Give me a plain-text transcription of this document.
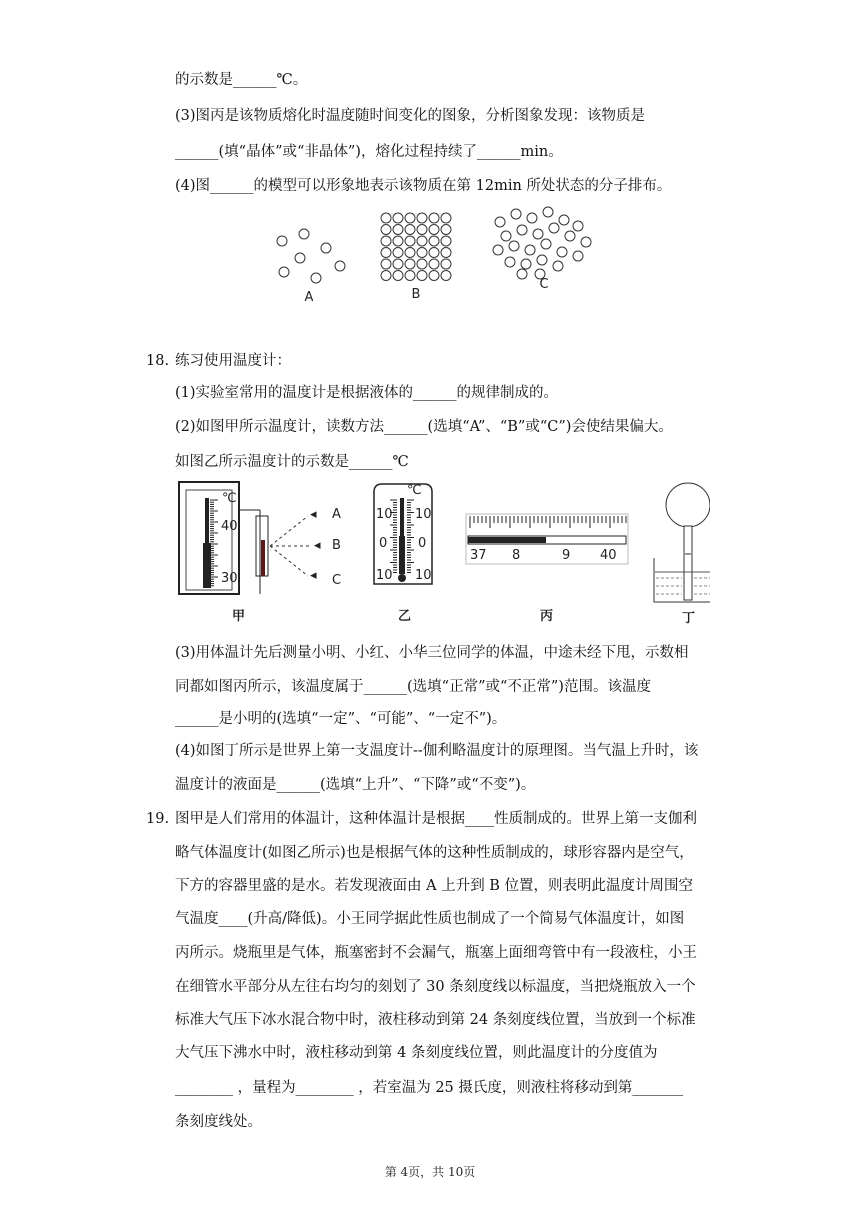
的示数是______℃。
(3)图丙是该物质熔化时温度随时间变化的图象，分析图象发现：该物质是
______(填“晶体”或“非晶体”)，熔化过程持续了______min。
(4)图______的模型可以形象地表示该物质在第 12min 所处状态的分子排布。
A	B
C
18. 练习使用温度计：
(1)实验室常用的温度计是根据液体的______的规律制成的。
(2)如图甲所示温度计，读数方法______(选填“A”、“B”或“C”)会使结果偏大。
如图乙所示温度计的示数是______℃
℃
40
30
◂
◂
◂
A
B
C
甲
℃
10 10
0 0
10 10
乙
37 8	9 40
丙	丁
(3)用体温计先后测量小明、小红、小华三位同学的体温，中途未经下甩，示数相
同都如图丙所示，该温度属于______(选填“正常”或“不正常”)范围。该温度
______是小明的(选填“一定”、“可能”、“一定不”)。
(4)如图丁所示是世界上第一支温度计--伽利略温度计的原理图。当气温上升时，该
温度计的液面是______(选填“上升”、“下降”或“不变”)。
19. 图甲是人们常用的体温计，这种体温计是根据____性质制成的。世界上第一支伽利
略气体温度计(如图乙所示)也是根据气体的这种性质制成的，球形容器内是空气，
下方的容器里盛的是水。若发现液面由 A 上升到 B 位置，则表明此温度计周围空
气温度____(升高/降低)。小王同学据此性质也制成了一个简易气体温度计，如图
丙所示。烧瓶里是气体，瓶塞密封不会漏气，瓶塞上面细弯管中有一段液柱，小王
在细管水平部分从左往右均匀的刻划了 30 条刻度线以标温度，当把烧瓶放入一个
标准大气压下冰水混合物中时，液柱移动到第 24 条刻度线位置，当放到一个标准
大气压下沸水中时，液柱移动到第 4 条刻度线位置，则此温度计的分度值为
________ ，量程为________ ，若室温为 25 摄氏度，则液柱将移动到第_______
条刻度线处。
第 4页，共 10页
